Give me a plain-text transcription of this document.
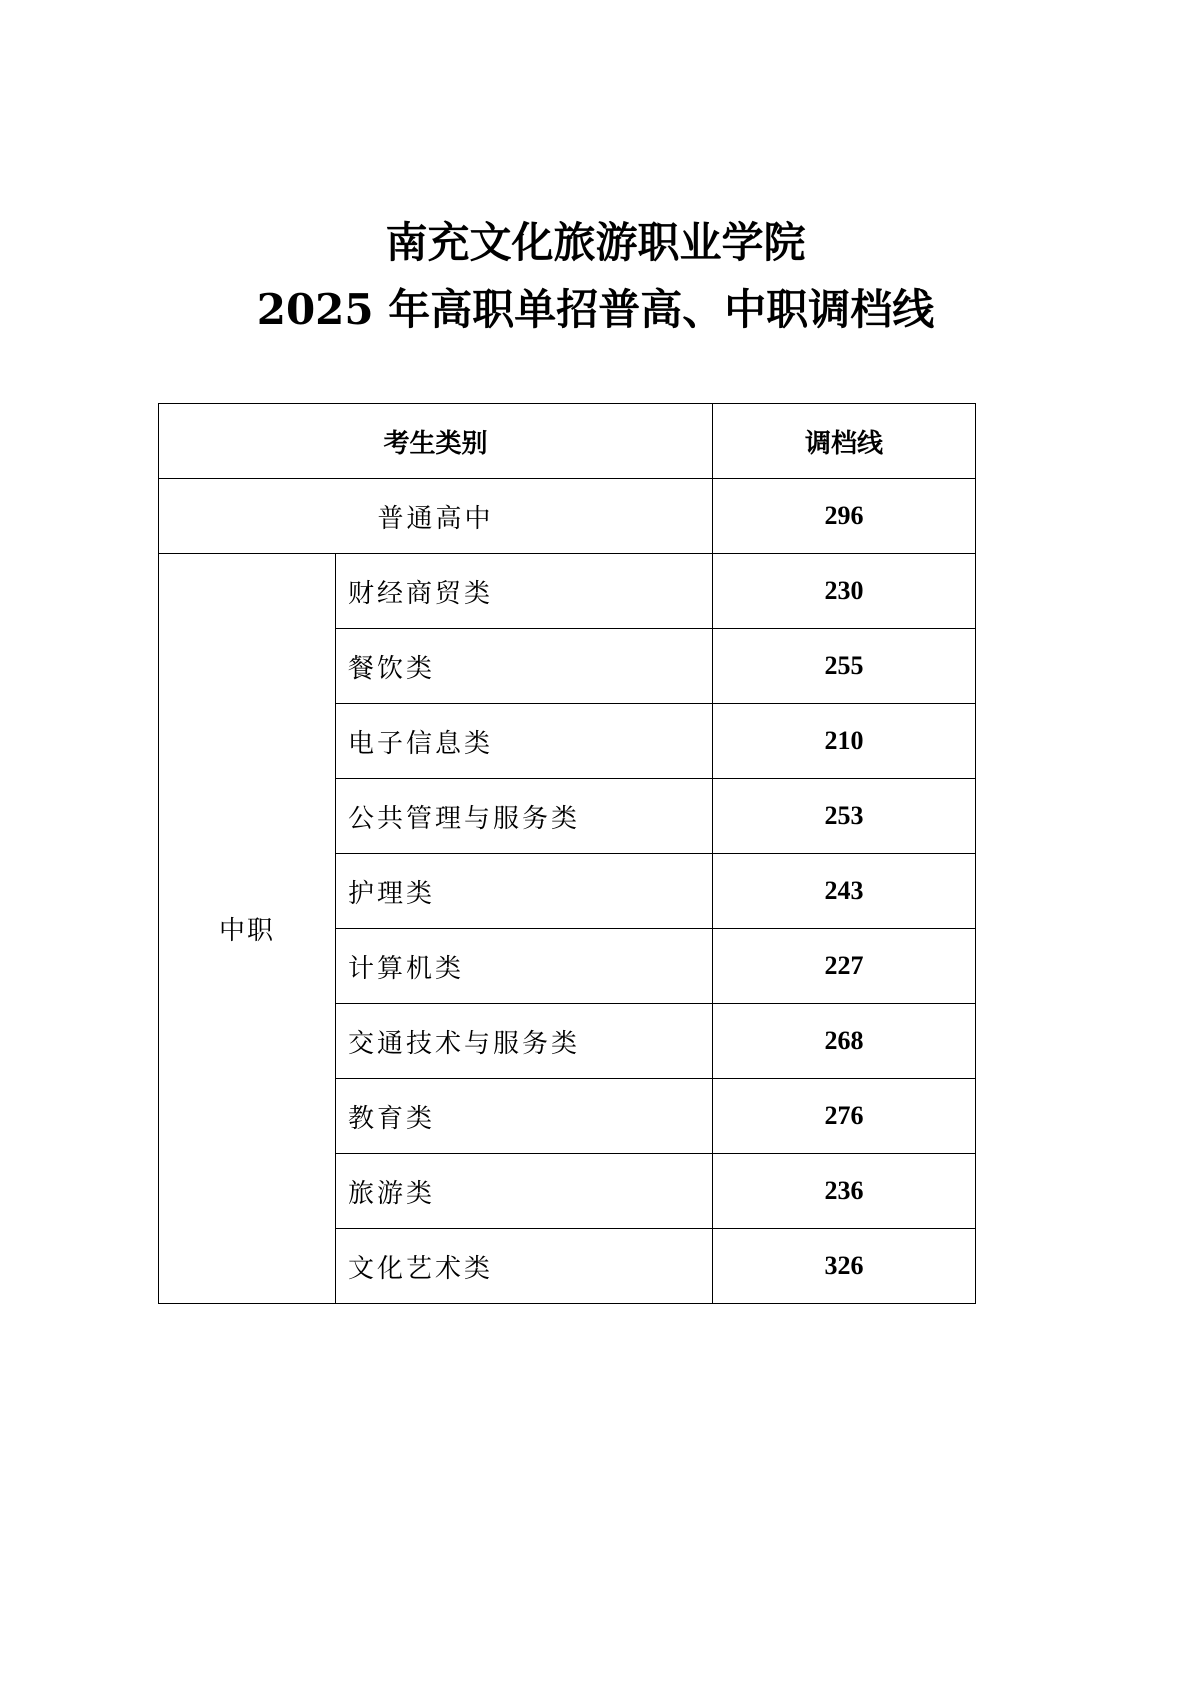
南充文化旅游职业学院
2025 年高职单招普高、中职调档线
考生类别		调档线
普通高中		296
中职	财经商贸类	230
	餐饮类	255
	电子信息类	210
	公共管理与服务类	253
	护理类	243
	计算机类	227
	交通技术与服务类	268
	教育类	276
	旅游类	236
	文化艺术类	326
